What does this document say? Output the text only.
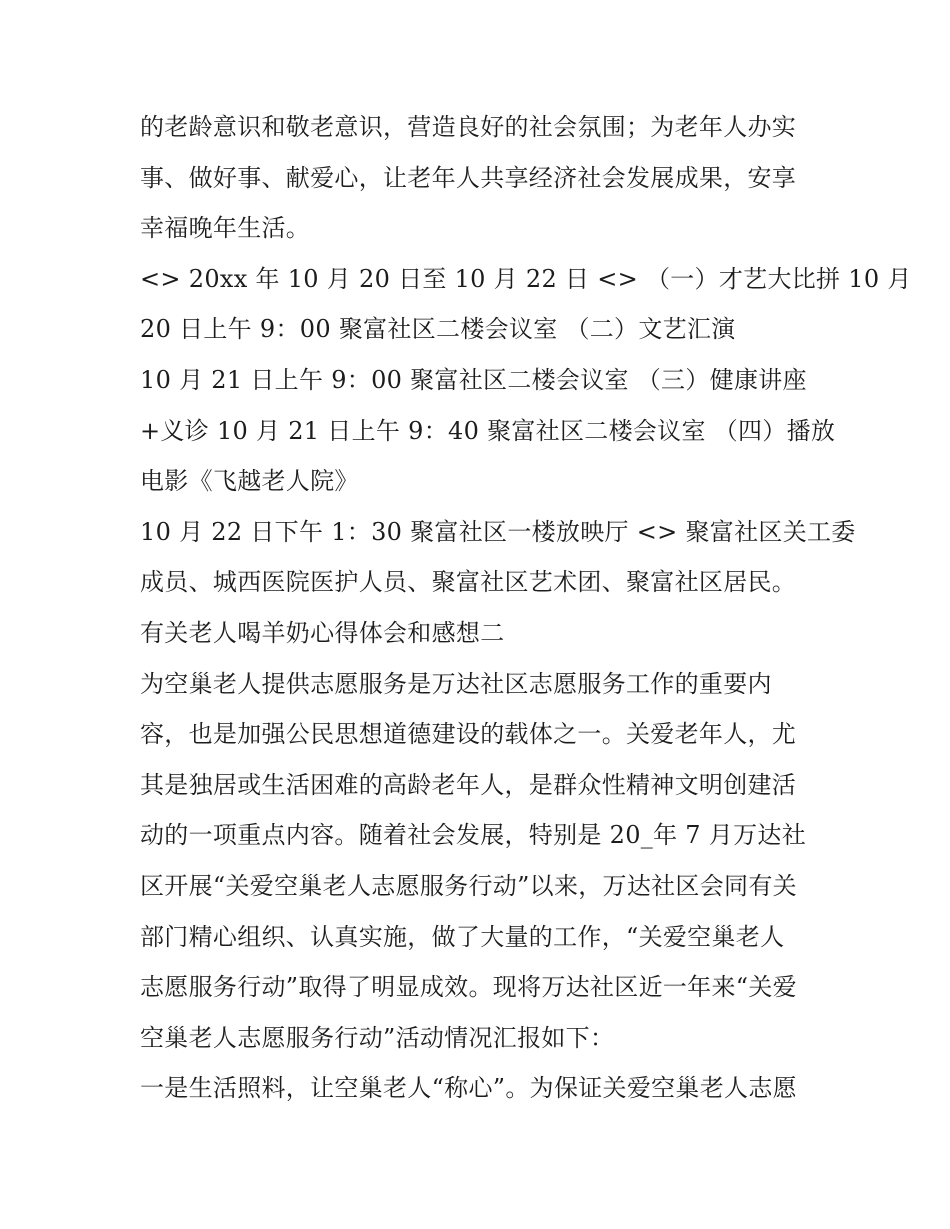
的老龄意识和敬老意识，营造良好的社会氛围；为老年人办实
事、做好事、献爱心，让老年人共享经济社会发展成果，安享
幸福晚年生活。
<> 20xx 年 10 月 20 日至 10 月 22 日 <> （一）才艺大比拼 10 月
20 日上午 9：00 聚富社区二楼会议室 （二）文艺汇演
10 月 21 日上午 9：00 聚富社区二楼会议室 （三）健康讲座
+义诊 10 月 21 日上午 9：40 聚富社区二楼会议室 （四）播放
电影《飞越老人院》
10 月 22 日下午 1：30 聚富社区一楼放映厅 <> 聚富社区关工委
成员、城西医院医护人员、聚富社区艺术团、聚富社区居民。
有关老人喝羊奶心得体会和感想二
为空巢老人提供志愿服务是万达社区志愿服务工作的重要内
容，也是加强公民思想道德建设的载体之一。关爱老年人，尤
其是独居或生活困难的高龄老年人，是群众性精神文明创建活
动的一项重点内容。随着社会发展，特别是 20_年 7 月万达社
区开展“关爱空巢老人志愿服务行动”以来，万达社区会同有关
部门精心组织、认真实施，做了大量的工作，“关爱空巢老人
志愿服务行动”取得了明显成效。现将万达社区近一年来“关爱
空巢老人志愿服务行动”活动情况汇报如下：
一是生活照料，让空巢老人“称心”。为保证关爱空巢老人志愿
